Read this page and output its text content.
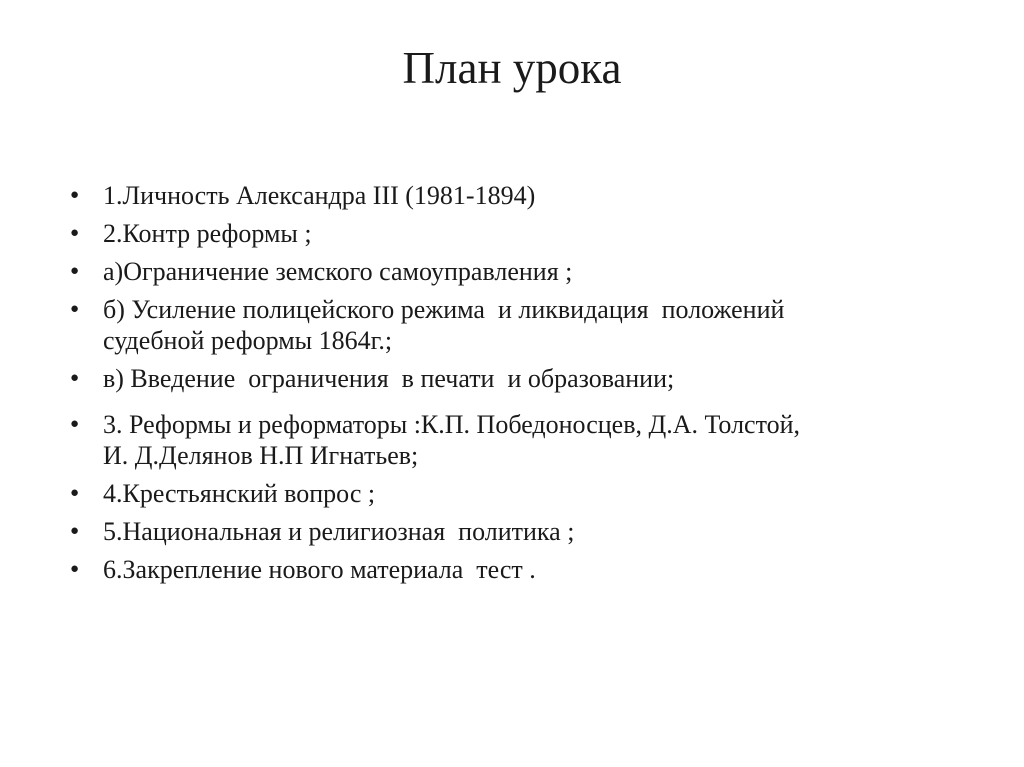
План урока
● 1.Личность Александра III (1981-1894)
● 2.Контр реформы ;
● а)Ограничение земского самоуправления ;
● б) Усиление полицейского режима  и ликвидация  положений
судебной реформы 1864г.;
● в) Введение  ограничения  в печати  и образовании;
● 3. Реформы и реформаторы :К.П. Победоносцев, Д.А. Толстой,
И. Д.Делянов Н.П Игнатьев;
● 4.Крестьянский вопрос ;
● 5.Национальная и религиозная  политика ;
● 6.Закрепление нового материала  тест .
